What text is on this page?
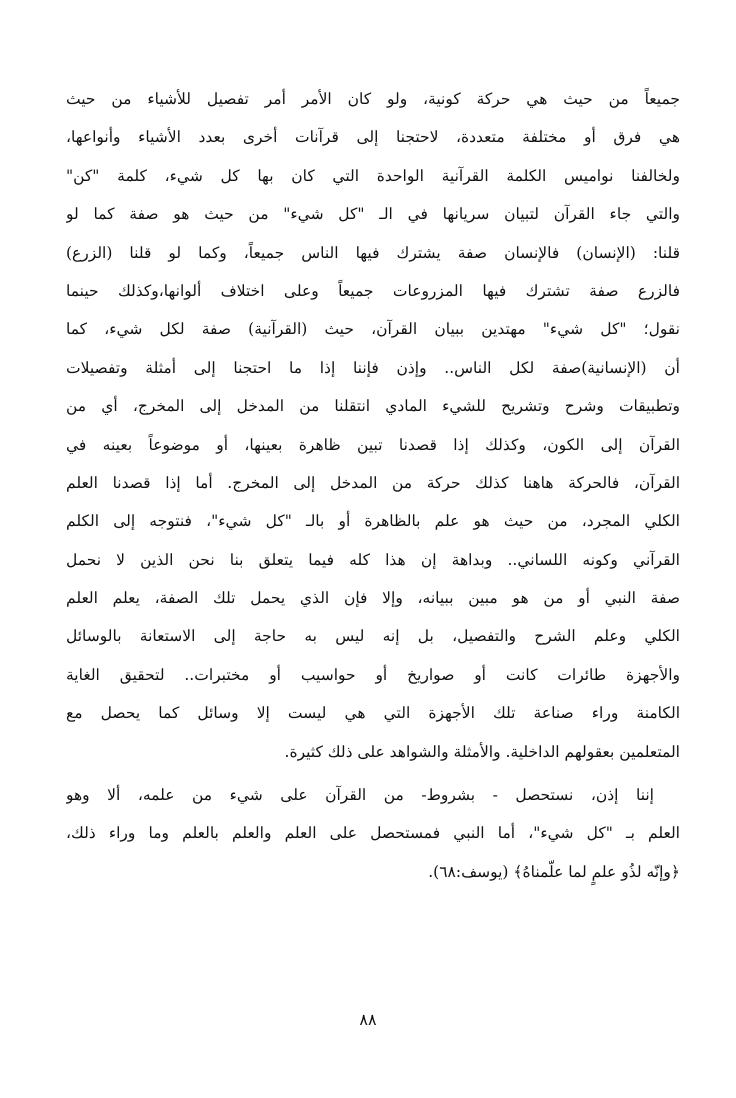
جميعاً من حيث هي حركة كونية، ولو كان الأمر أمر تفصيل للأشياء من حيث
هي فرق أو مختلفة متعددة، لاحتجنا إلى قرآنات أخرى بعدد الأشياء وأنواعها،
ولخالفنا نواميس الكلمة القرآنية الواحدة التي كان بها كل شيء، كلمة "كن"
والتي جاء القرآن لتبيان سريانها في الـ "كل شيء" من حيث هو صفة كما لو
قلنا: (الإنسان) فالإنسان صفة يشترك فيها الناس جميعاً، وكما لو قلنا (الزرع)
فالزرع صفة تشترك فيها المزروعات جميعاً وعلى اختلاف ألوانها،وكذلك حينما
نقول؛ "كل شيء" مهتدين ببيان القرآن، حيث (القرآنية) صفة لكل شيء، كما
أن (الإنسانية)صفة لكل الناس.. وإذن فإننا إذا ما احتجنا إلى أمثلة وتفصيلات
وتطبيقات وشرح وتشريح للشيء المادي انتقلنا من المدخل إلى المخرج، أي من
القرآن إلى الكون، وكذلك إذا قصدنا تبين ظاهرة بعينها، أو موضوعاً بعينه في
القرآن، فالحركة هاهنا كذلك حركة من المدخل إلى المخرج. أما إذا قصدنا العلم
الكلي المجرد، من حيث هو علم بالظاهرة أو بالـ "كل شيء"، فنتوجه إلى الكلم
القرآني وكونه اللساني.. وبداهة إن هذا كله فيما يتعلق بنا نحن الذين لا نحمل
صفة النبي أو من هو مبين ببيانه، وإلا فإن الذي يحمل تلك الصفة، يعلم العلم
الكلي وعلم الشرح والتفصيل، بل إنه ليس به حاجة إلى الاستعانة بالوسائل
والأجهزة طائرات كانت أو صواريخ أو حواسيب أو مختبرات.. لتحقيق الغاية
الكامنة وراء صناعة تلك الأجهزة التي هي ليست إلا وسائل كما يحصل مع
المتعلمين بعقولهم الداخلية. والأمثلة والشواهد على ذلك كثيرة.
إننا إذن، نستحصل - بشروط- من القرآن على شيء من علمه، ألا وهو
العلم بـ "كل شيء"، أما النبي فمستحصل على العلم والعلم بالعلم وما وراء ذلك،
﴿وإنّه لذُو علمٍ لما علّمناهُ﴾ (يوسف:٦٨).
٨٨
